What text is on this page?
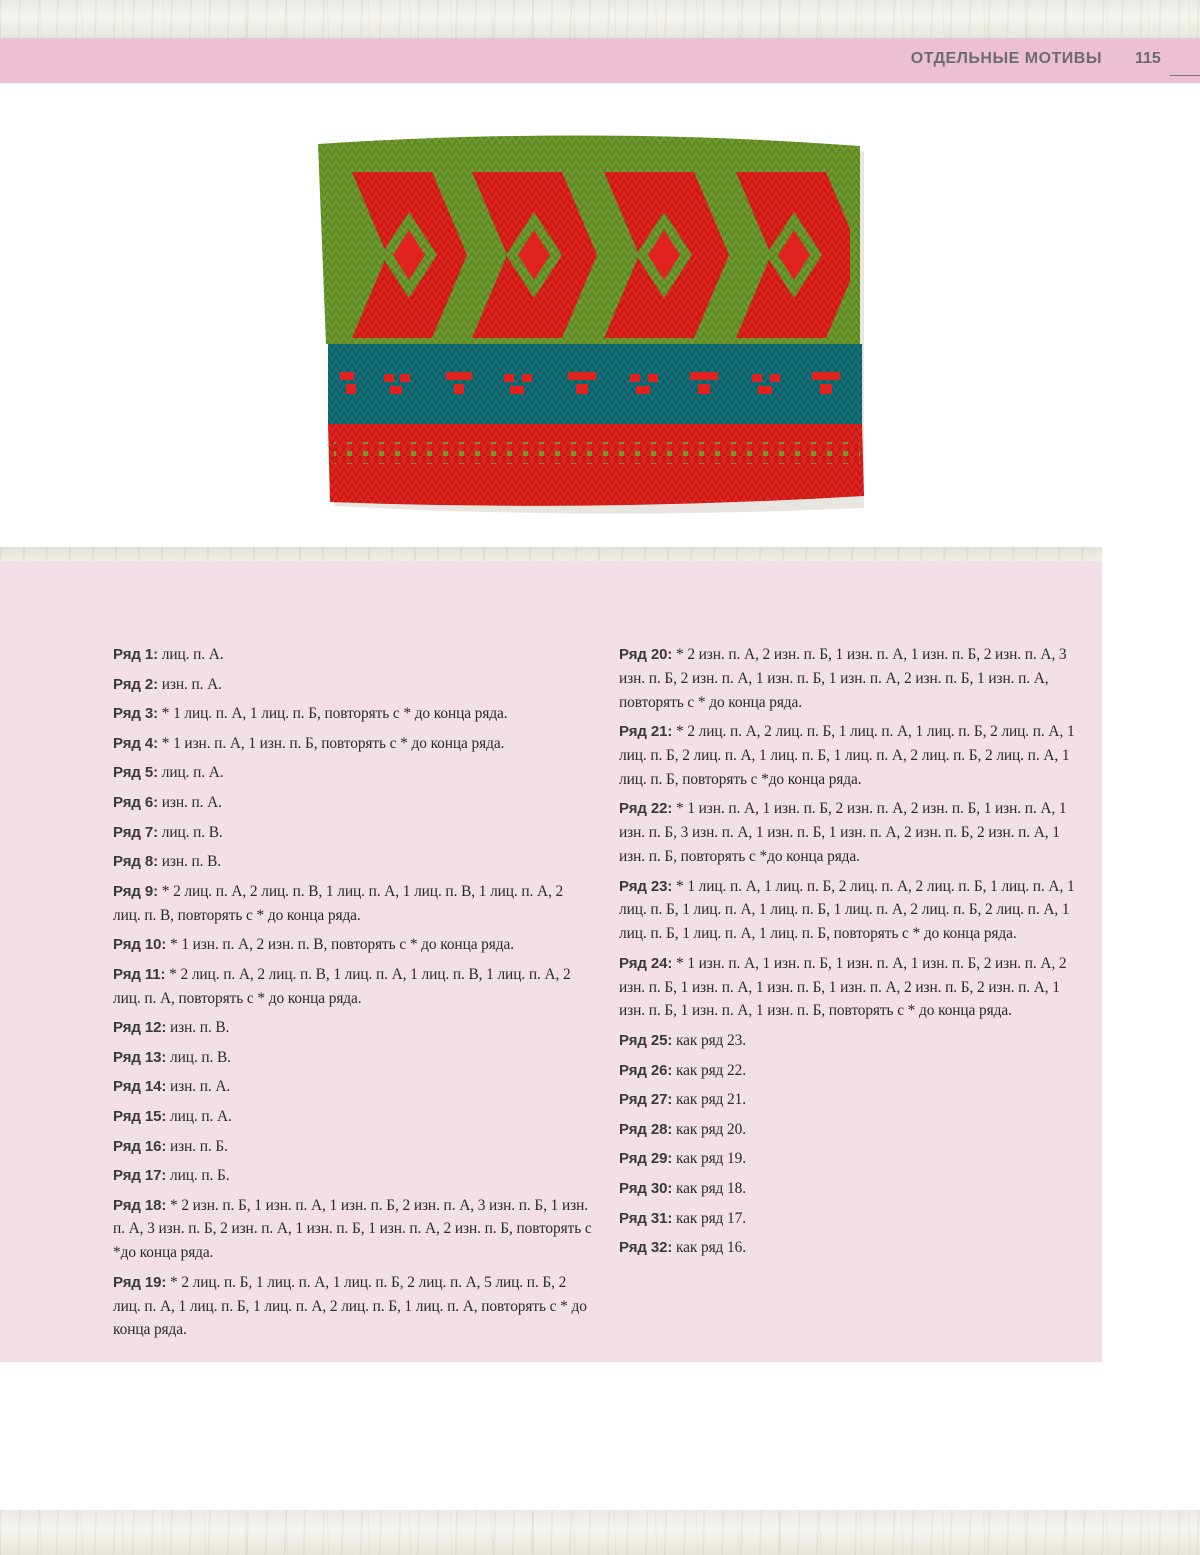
ОТДЕЛЬНЫЕ МОТИВЫ 115

Ряд 1: лиц. п. А.

Ряд 2: изн. п. А.

Ряд 3: * 1 лиц. п. А, 1 лиц. п. Б, повторять с * до конца ряда.

Ряд 4: * 1 изн. п. А, 1 изн. п. Б, повторять с * до конца ряда.

Ряд 5: лиц. п. А.

Ряд 6: изн. п. А.

Ряд 7: лиц. п. В.

Ряд 8: изн. п. В.

Ряд 9: * 2 лиц. п. А, 2 лиц. п. В, 1 лиц. п. А, 1 лиц. п. В, 1 лиц. п. А, 2 лиц. п. В, повторять с * до конца ряда.

Ряд 10: * 1 изн. п. А, 2 изн. п. В, повторять с * до конца ряда.

Ряд 11: * 2 лиц. п. А, 2 лиц. п. В, 1 лиц. п. А, 1 лиц. п. В, 1 лиц. п. А, 2 лиц. п. А, повторять с * до конца ряда.

Ряд 12: изн. п. В.

Ряд 13: лиц. п. В.

Ряд 14: изн. п. А.

Ряд 15: лиц. п. А.

Ряд 16: изн. п. Б.

Ряд 17: лиц. п. Б.

Ряд 18: * 2 изн. п. Б, 1 изн. п. А, 1 изн. п. Б, 2 изн. п. А, 3 изн. п. Б, 1 изн. п. А, 3 изн. п. Б, 2 изн. п. А, 1 изн. п. Б, 1 изн. п. А, 2 изн. п. Б, повторять с *до конца ряда.

Ряд 19: * 2 лиц. п. Б, 1 лиц. п. А, 1 лиц. п. Б, 2 лиц. п. А, 5 лиц. п. Б, 2 лиц. п. А, 1 лиц. п. Б, 1 лиц. п. А, 2 лиц. п. Б, 1 лиц. п. А, повторять с * до конца ряда.

Ряд 20: * 2 изн. п. А, 2 изн. п. Б, 1 изн. п. А, 1 изн. п. Б, 2 изн. п. А, 3 изн. п. Б, 2 изн. п. А, 1 изн. п. Б, 1 изн. п. А, 2 изн. п. Б, 1 изн. п. А, повторять с * до конца ряда.

Ряд 21: * 2 лиц. п. А, 2 лиц. п. Б, 1 лиц. п. А, 1 лиц. п. Б, 2 лиц. п. А, 1 лиц. п. Б, 2 лиц. п. А, 1 лиц. п. Б, 1 лиц. п. А, 2 лиц. п. Б, 2 лиц. п. А, 1 лиц. п. Б, повторять с *до конца ряда.

Ряд 22: * 1 изн. п. А, 1 изн. п. Б, 2 изн. п. А, 2 изн. п. Б, 1 изн. п. А, 1 изн. п. Б, 3 изн. п. А, 1 изн. п. Б, 1 изн. п. А, 2 изн. п. Б, 2 изн. п. А, 1 изн. п. Б, повторять с *до конца ряда.

Ряд 23: * 1 лиц. п. А, 1 лиц. п. Б, 2 лиц. п. А, 2 лиц. п. Б, 1 лиц. п. А, 1 лиц. п. Б, 1 лиц. п. А, 1 лиц. п. Б, 1 лиц. п. А, 2 лиц. п. Б, 2 лиц. п. А, 1 лиц. п. Б, 1 лиц. п. А, 1 лиц. п. Б, повторять с * до конца ряда.

Ряд 24: * 1 изн. п. А, 1 изн. п. Б, 1 изн. п. А, 1 изн. п. Б, 2 изн. п. А, 2 изн. п. Б, 1 изн. п. А, 1 изн. п. Б, 1 изн. п. А, 2 изн. п. Б, 2 изн. п. А, 1 изн. п. Б, 1 изн. п. А, 1 изн. п. Б, повторять с * до конца ряда.

Ряд 25: как ряд 23.

Ряд 26: как ряд 22.

Ряд 27: как ряд 21.

Ряд 28: как ряд 20.

Ряд 29: как ряд 19.

Ряд 30: как ряд 18.

Ряд 31: как ряд 17.

Ряд 32: как ряд 16.
